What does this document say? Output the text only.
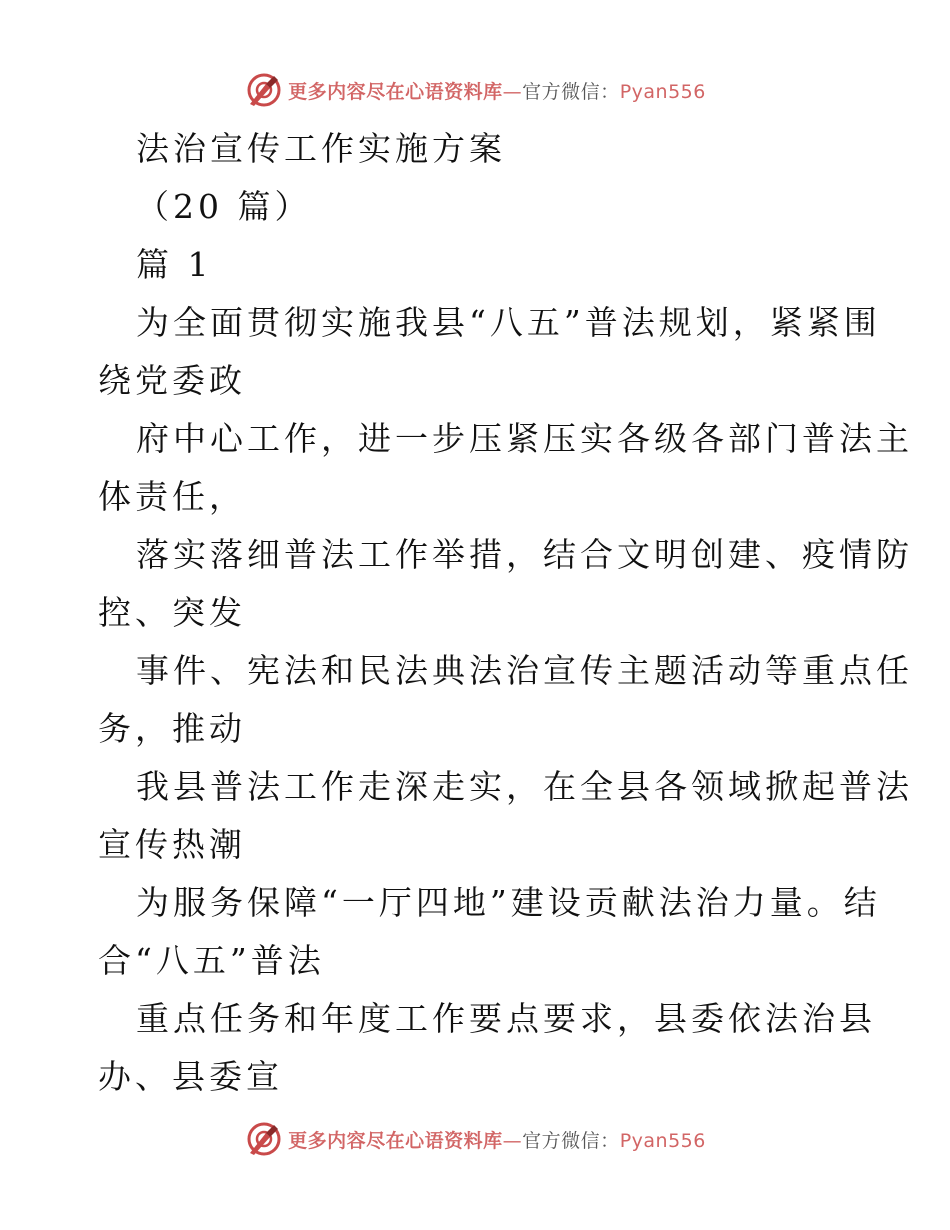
更多内容尽在心语资料库—官方微信：Pyan556
法治宣传工作实施方案
（20 篇）
篇 1
为全面贯彻实施我县“八五”普法规划，紧紧围
绕党委政
府中心工作，进一步压紧压实各级各部门普法主
体责任，
落实落细普法工作举措，结合文明创建、疫情防
控、突发
事件、宪法和民法典法治宣传主题活动等重点任
务，推动
我县普法工作走深走实，在全县各领域掀起普法
宣传热潮
为服务保障“一厅四地”建设贡献法治力量。结
合“八五”普法
重点任务和年度工作要点要求，县委依法治县
办、县委宣
更多内容尽在心语资料库—官方微信：Pyan556
